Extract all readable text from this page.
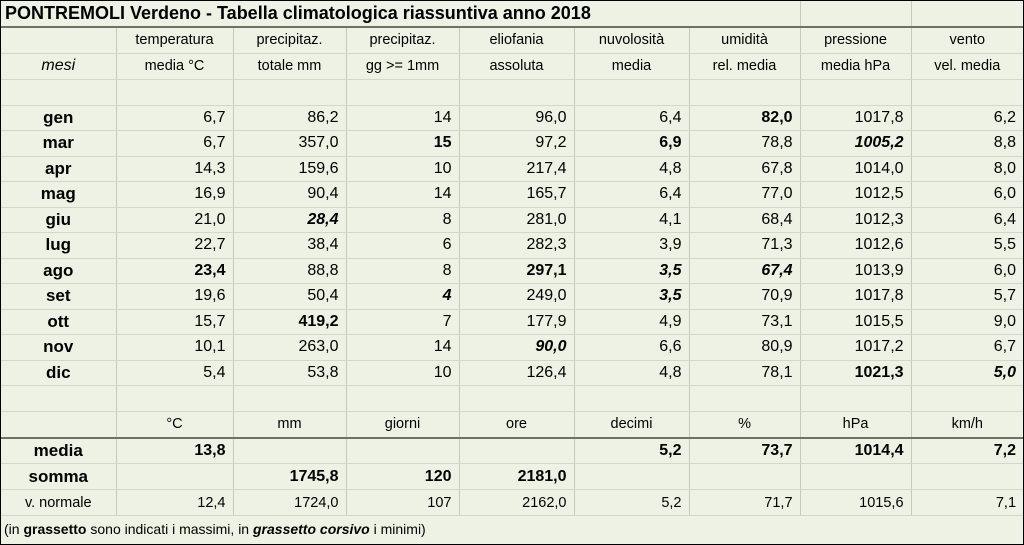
PONTREMOLI Verdeno - Tabella climatologica riassuntiva anno 2018								
	temperatura	precipitaz.	precipitaz.	eliofania	nuvolosità	umidità	pressione	vento
mesi	media °C	totale mm	gg >= 1mm	assoluta	media	rel. media	media hPa	vel. media

gen	6,7	86,2	14	96,0	6,4	82,0	1017,8	6,2
mar	6,7	357,0	15	97,2	6,9	78,8	1005,2	8,8
apr	14,3	159,6	10	217,4	4,8	67,8	1014,0	8,0
mag	16,9	90,4	14	165,7	6,4	77,0	1012,5	6,0
giu	21,0	28,4	8	281,0	4,1	68,4	1012,3	6,4
lug	22,7	38,4	6	282,3	3,9	71,3	1012,6	5,5
ago	23,4	88,8	8	297,1	3,5	67,4	1013,9	6,0
set	19,6	50,4	4	249,0	3,5	70,9	1017,8	5,7
ott	15,7	419,2	7	177,9	4,9	73,1	1015,5	9,0
nov	10,1	263,0	14	90,0	6,6	80,9	1017,2	6,7
dic	5,4	53,8	10	126,4	4,8	78,1	1021,3	5,0

	°C	mm	giorni	ore	decimi	%	hPa	km/h
media	13,8				5,2	73,7	1014,4	7,2
somma		1745,8	120	2181,0				
v. normale	12,4	1724,0	107	2162,0	5,2	71,7	1015,6	7,1
(in grassetto sono indicati i massimi, in grassetto corsivo i minimi)								
